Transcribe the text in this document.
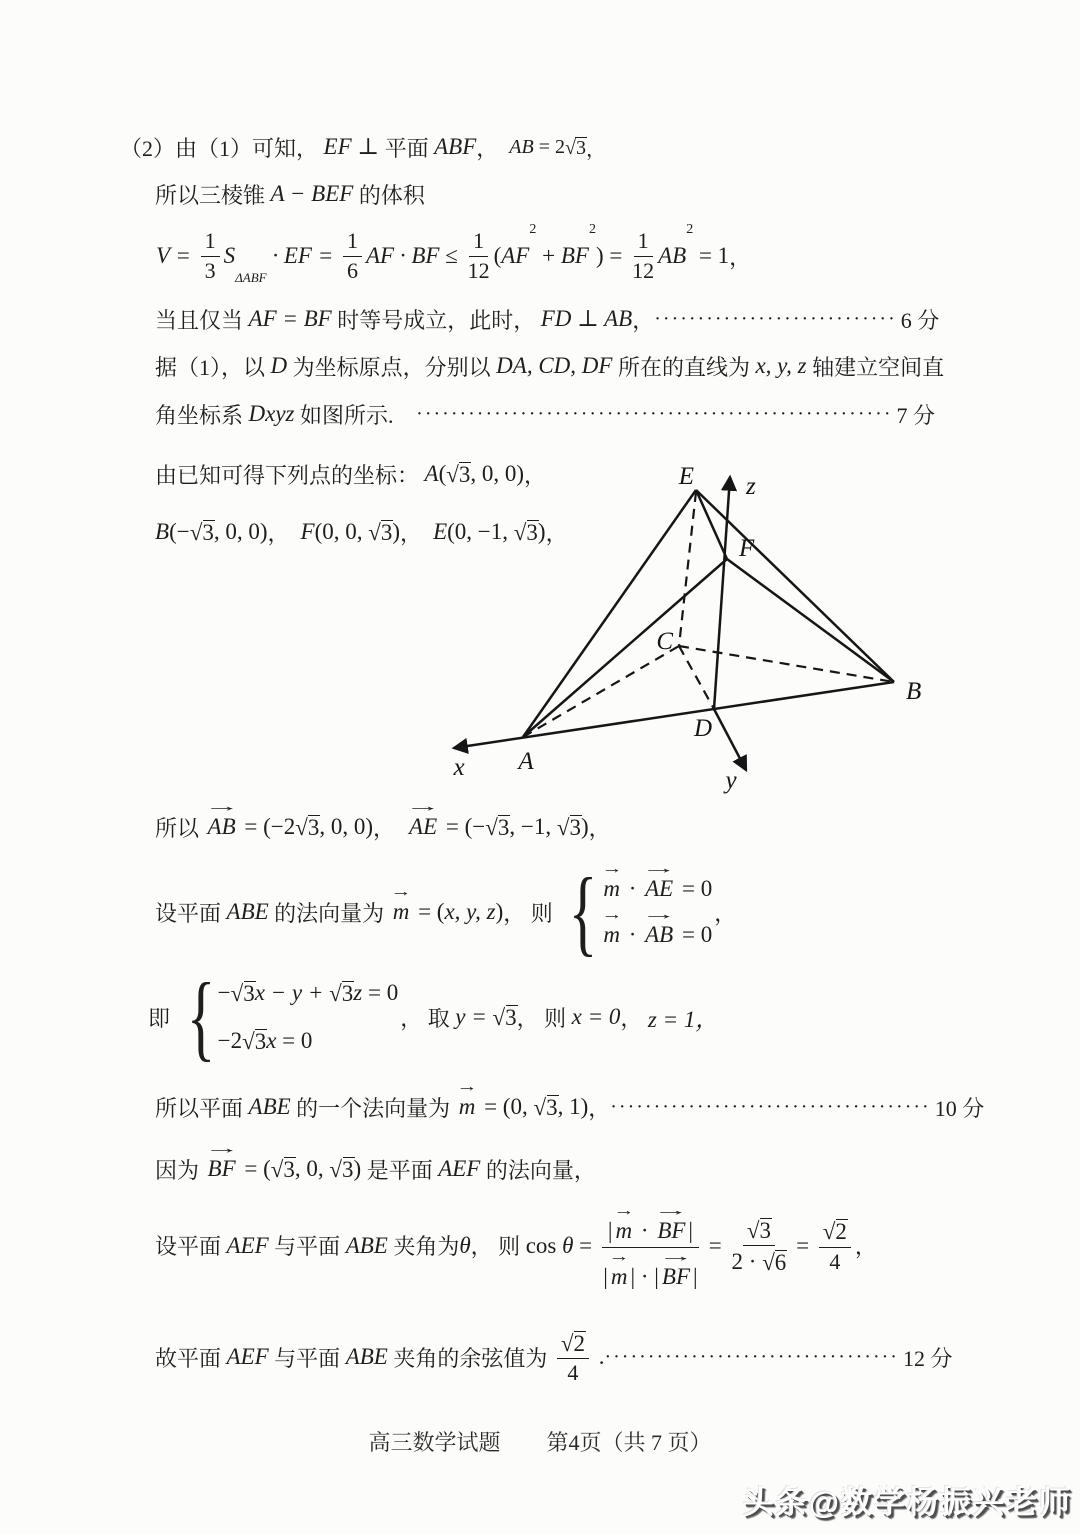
（2）由（1）可知， EF ⊥ 平面 ABF ， AB = 2 √3 ，
所以三棱锥 A − BEF 的体积
$V = \frac{1}{3}$ S
ΔABF
· EF = $\frac{1}{6}$ AF · BF ≤ $\frac{1}{12}$ ( AF
2
+ BF
2
) = $\frac{1}{12}$ AB
2
= 1 ，
当且仅当 AF = BF 时等号成立，此时， FD ⊥ AB ， ···························· 6 分
据（1），以 D 为坐标原点，分别以 DA, CD, DF 所在的直线为 x, y, z 轴建立空间直
角坐标系 Dxyz 如图所示. ······················································· 7 分
由已知可得下列点的坐标： A ( √3 , 0, 0) ，
B (− √3 , 0, 0) ， F (0, 0, √3 ) ， E (0, −1, √3 ) ，
E z
F
C
D
B
A
x	y
所以
→
AB = (−2 √3 , 0, 0) ，
→
AE = (− √3 , −1, √3 ) ，
设平面 ABE 的法向量为
→
m = ( x, y, z ) ， 则 { →
m ·
→
AE = 0
→
m ·
→
AB = 0
，
即 { − √3 x − y + √3 z = 0
−2 √3 x = 0
， 取 y = √3 ， 则 x = 0 ， z = 1，
所以平面 ABE 的一个法向量为
→
m = (0, √3 , 1) ， ····································· 10 分
因为
→
BF = ( √3 , 0, √3 ) 是平面 AEF 的法向量，
设平面 AEF 与平面 ABE 夹角为 θ ， 则 cos θ = |
→
m ·
→
BF |
|
→
m | · |
→
BF | = $\frac{√3}{2 \cdot √6} = \frac{√2}{4}$ ，
故平面 AEF 与平面 ABE 夹角的余弦值为 $\frac{√2}{4}$ . ·································· 12 分
高三数学试题 第4页（共 7 页）
头条@数学杨振兴老师
